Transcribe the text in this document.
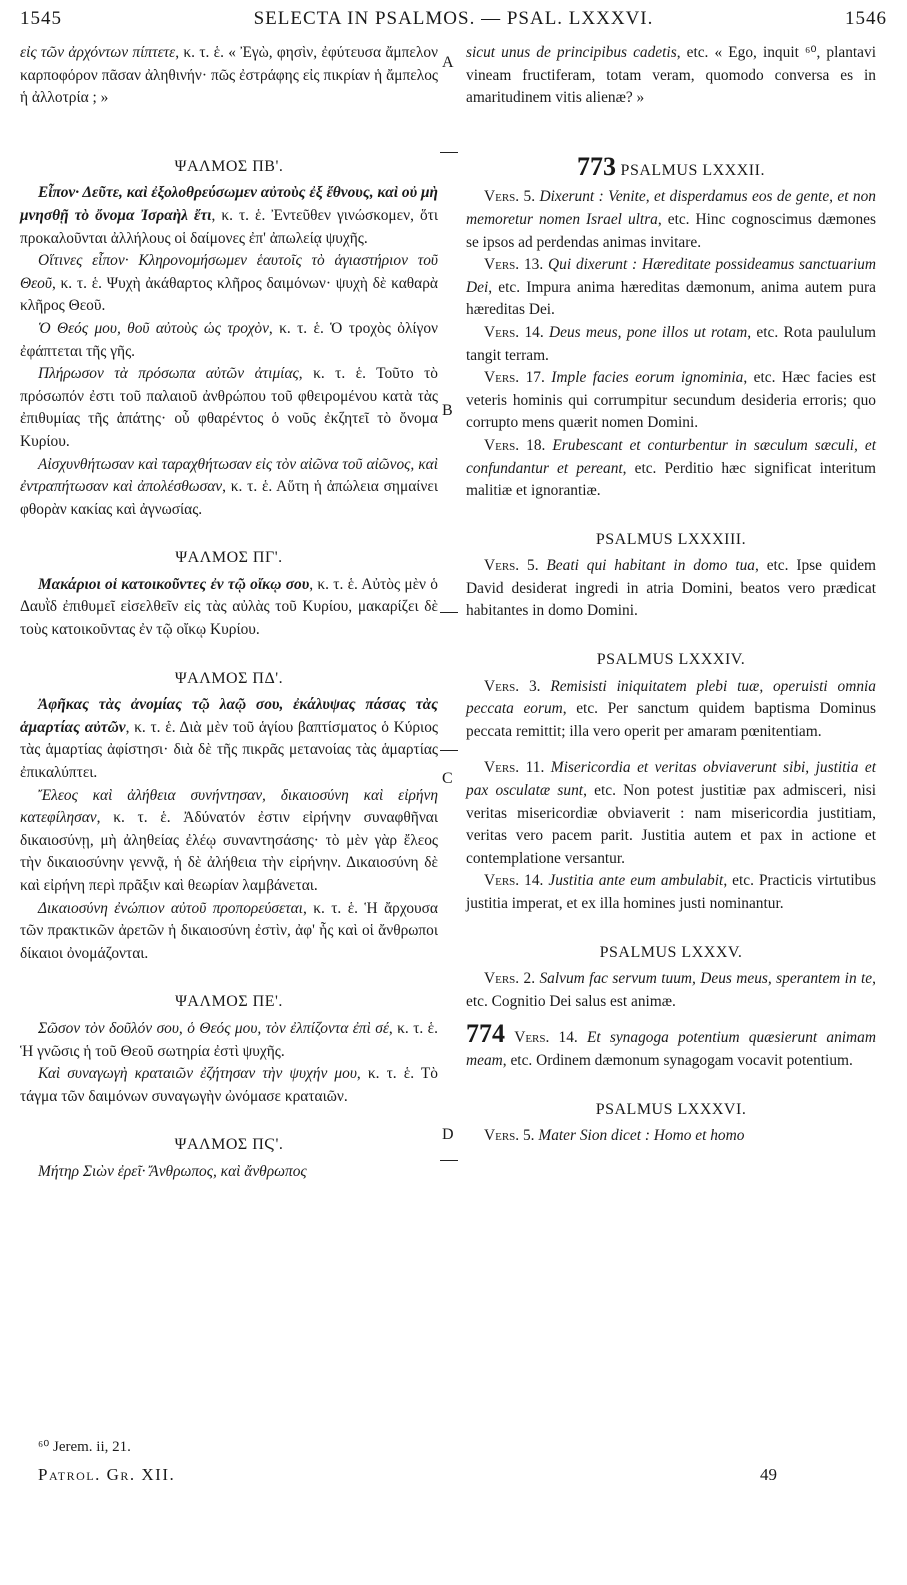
1545	SELECTA IN PSALMOS. — PSAL. LXXXVI.	1546
A
B
C
D

εἰς τῶν ἀρχόντων πίπτετε, κ. τ. ἑ. « Ἐγὼ, φησὶν, ἐφύτευσα ἄμπελον καρποφόρον πᾶσαν ἀληθινήν· πῶς ἐστράφης εἰς πικρίαν ἡ ἄμπελος ἡ ἀλλοτρία ; »

ΨΑΛΜΟΣ ΠΒ'.

Εἶπον· Δεῦτε, καὶ ἐξολοθρεύσωμεν αὐτοὺς ἐξ ἔθνους, καὶ οὐ μὴ μνησθῇ τὸ ὄνομα Ἰσραὴλ ἔτι, κ. τ. ἑ. Ἐντεῦθεν γινώσκομεν, ὅτι προκαλοῦνται ἀλλήλους οἱ δαίμονες ἐπ' ἀπωλείᾳ ψυχῆς.

Οἵτινες εἶπον· Κληρονομήσωμεν ἑαυτοῖς τὸ ἁγιαστήριον τοῦ Θεοῦ, κ. τ. ἑ. Ψυχὴ ἀκάθαρτος κλῆρος δαιμόνων· ψυχὴ δὲ καθαρὰ κλῆρος Θεοῦ.

Ὁ Θεός μου, θοῦ αὐτοὺς ὡς τροχὸν, κ. τ. ἑ. Ὁ τροχὸς ὀλίγον ἐφάπτεται τῆς γῆς.

Πλήρωσον τὰ πρόσωπα αὐτῶν ἀτιμίας, κ. τ. ἑ. Τοῦτο τὸ πρόσωπόν ἐστι τοῦ παλαιοῦ ἀνθρώπου τοῦ φθειρομένου κατὰ τὰς ἐπιθυμίας τῆς ἀπάτης· οὗ φθαρέντος ὁ νοῦς ἐκζητεῖ τὸ ὄνομα Κυρίου.

Αἰσχυνθήτωσαν καὶ ταραχθήτωσαν εἰς τὸν αἰῶνα τοῦ αἰῶνος, καὶ ἐντραπήτωσαν καὶ ἀπολέσθωσαν, κ. τ. ἑ. Αὕτη ἡ ἀπώλεια σημαίνει φθορὰν κακίας καὶ ἀγνωσίας.

ΨΑΛΜΟΣ ΠΓ'.

Μακάριοι οἱ κατοικοῦντες ἐν τῷ οἴκῳ σου, κ. τ. ἑ. Αὐτὸς μὲν ὁ Δαυῒδ ἐπιθυμεῖ εἰσελθεῖν εἰς τὰς αὐλὰς τοῦ Κυρίου, μακαρίζει δὲ τοὺς κατοικοῦντας ἐν τῷ οἴκῳ Κυρίου.

ΨΑΛΜΟΣ ΠΔ'.

Ἀφῆκας τὰς ἀνομίας τῷ λαῷ σου, ἐκάλυψας πάσας τὰς ἁμαρτίας αὐτῶν, κ. τ. ἑ. Διὰ μὲν τοῦ ἁγίου βαπτίσματος ὁ Κύριος τὰς ἁμαρτίας ἀφίστησι· διὰ δὲ τῆς πικρᾶς μετανοίας τὰς ἁμαρτίας ἐπικαλύπτει.

Ἔλεος καὶ ἀλήθεια συνήντησαν, δικαιοσύνη καὶ εἰρήνη κατεφίλησαν, κ. τ. ἑ. Ἀδύνατόν ἐστιν εἰρήνην συναφθῆναι δικαιοσύνῃ, μὴ ἀληθείας ἐλέῳ συναντησάσης· τὸ μὲν γὰρ ἔλεος τὴν δικαιοσύνην γεννᾷ, ἡ δὲ ἀλήθεια τὴν εἰρήνην. Δικαιοσύνη δὲ καὶ εἰρήνη περὶ πρᾶξιν καὶ θεωρίαν λαμβάνεται.

Δικαιοσύνη ἐνώπιον αὐτοῦ προπορεύσεται, κ. τ. ἑ. Ἡ ἄρχουσα τῶν πρακτικῶν ἀρετῶν ἡ δικαιοσύνη ἐστὶν, ἀφ' ἧς καὶ οἱ ἄνθρωποι δίκαιοι ὀνομάζονται.

ΨΑΛΜΟΣ ΠΕ'.

Σῶσον τὸν δοῦλόν σου, ὁ Θεός μου, τὸν ἐλπίζοντα ἐπὶ σέ, κ. τ. ἑ. Ἡ γνῶσις ἡ τοῦ Θεοῦ σωτηρία ἐστὶ ψυχῆς.

Καὶ συναγωγὴ κραταιῶν ἐζήτησαν τὴν ψυχήν μου, κ. τ. ἑ. Τὸ τάγμα τῶν δαιμόνων συναγωγὴν ὠνόμασε κραταιῶν.

ΨΑΛΜΟΣ ΠϚ'.

Μήτηρ Σιὼν ἐρεῖ· Ἄνθρωπος, καὶ ἄνθρωπος

sicut unus de principibus cadetis, etc. « Ego, inquit ⁶⁰, plantavi vineam fructiferam, totam veram, quomodo conversa es in amaritudinem vitis alienæ? »

773 PSALMUS LXXXII.

Vers. 5. Dixerunt : Venite, et disperdamus eos de gente, et non memoretur nomen Israel ultra, etc. Hinc cognoscimus dæmones se ipsos ad perdendas animas invitare.

Vers. 13. Qui dixerunt : Hæreditate possideamus sanctuarium Dei, etc. Impura anima hæreditas dæmonum, anima autem pura hæreditas Dei.

Vers. 14. Deus meus, pone illos ut rotam, etc. Rota paululum tangit terram.

Vers. 17. Imple facies eorum ignominia, etc. Hæc facies est veteris hominis qui corrumpitur secundum desideria erroris; quo corrupto mens quærit nomen Domini.

Vers. 18. Erubescant et conturbentur in sæculum sæculi, et confundantur et pereant, etc. Perditio hæc significat interitum malitiæ et ignorantiæ.

PSALMUS LXXXIII.

Vers. 5. Beati qui habitant in domo tua, etc. Ipse quidem David desiderat ingredi in atria Domini, beatos vero prædicat habitantes in domo Domini.

PSALMUS LXXXIV.

Vers. 3. Remisisti iniquitatem plebi tuæ, operuisti omnia peccata eorum, etc. Per sanctum quidem baptisma Dominus peccata remittit; illa vero operit per amaram pœnitentiam.

Vers. 11. Misericordia et veritas obviaverunt sibi, justitia et pax osculatæ sunt, etc. Non potest justitiæ pax admisceri, nisi veritas misericordiæ obviaverit : nam misericordia justitiam, veritas vero pacem parit. Justitia autem et pax in actione et contemplatione versantur.

Vers. 14. Justitia ante eum ambulabit, etc. Practicis virtutibus justitia imperat, et ex illa homines justi nominantur.

PSALMUS LXXXV.

Vers. 2. Salvum fac servum tuum, Deus meus, sperantem in te, etc. Cognitio Dei salus est animæ.

774 Vers. 14. Et synagoga potentium quæsierunt animam meam, etc. Ordinem dæmonum synagogam vocavit potentium.

PSALMUS LXXXVI.

Vers. 5. Mater Sion dicet : Homo et homo

⁶⁰ Jerem. ii, 21.
Patrol. Gr. XII.	49
